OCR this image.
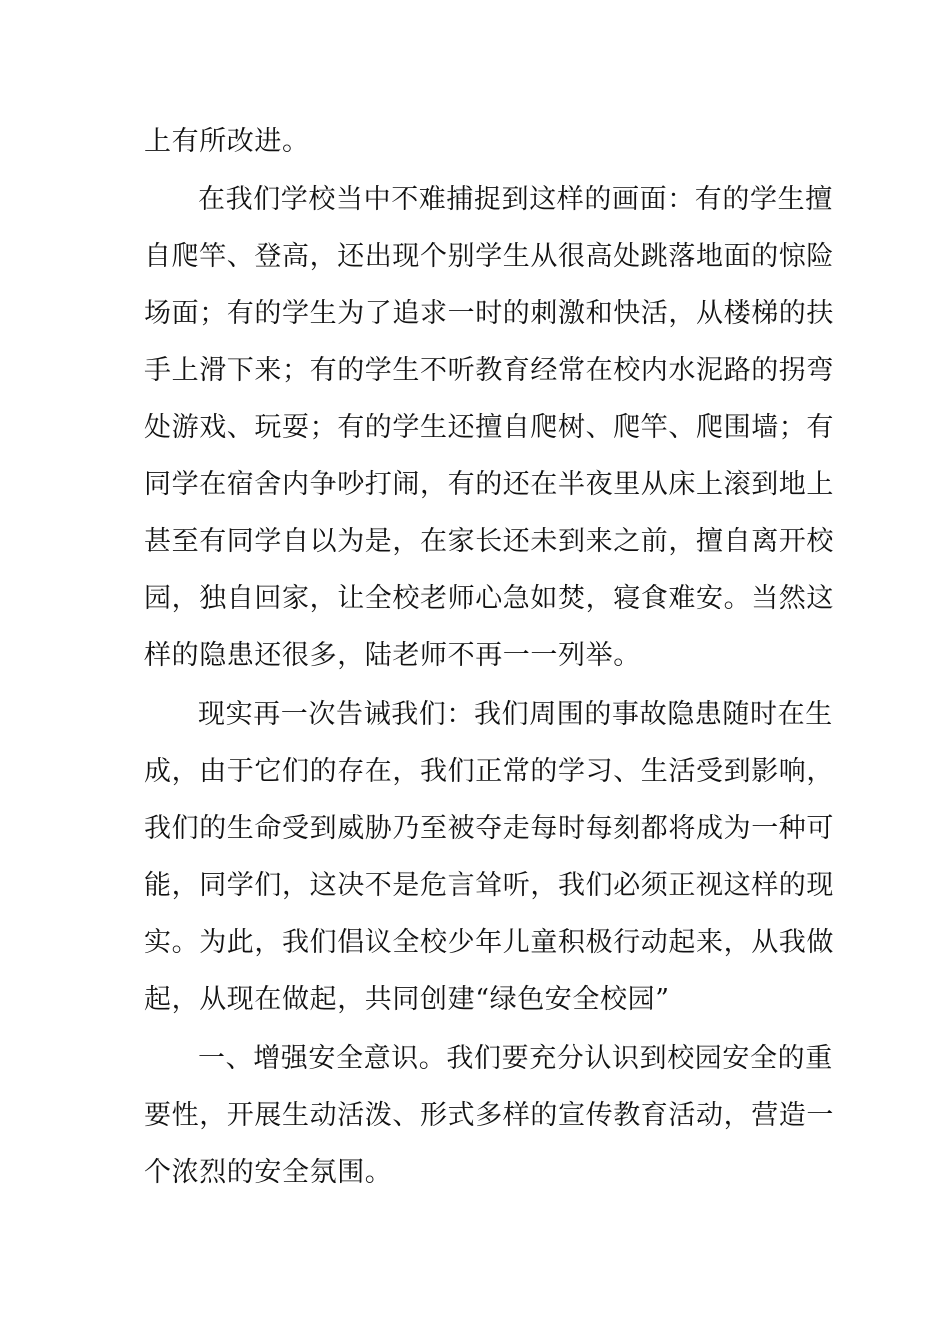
上有所改进。
在我们学校当中不难捕捉到这样的画面：有的学生擅
自爬竿、登高，还出现个别学生从很高处跳落地面的惊险
场面；有的学生为了追求一时的刺激和快活，从楼梯的扶
手上滑下来；有的学生不听教育经常在校内水泥路的拐弯
处游戏、玩耍；有的学生还擅自爬树、爬竿、爬围墙；有
同学在宿舍内争吵打闹，有的还在半夜里从床上滚到地上
甚至有同学自以为是，在家长还未到来之前，擅自离开校
园，独自回家，让全校老师心急如焚，寝食难安。当然这
样的隐患还很多，陆老师不再一一列举。
现实再一次告诫我们：我们周围的事故隐患随时在生
成，由于它们的存在，我们正常的学习、生活受到影响，
我们的生命受到威胁乃至被夺走每时每刻都将成为一种可
能，同学们，这决不是危言耸听，我们必须正视这样的现
实。为此，我们倡议全校少年儿童积极行动起来，从我做
起，从现在做起，共同创建“绿色安全校园”
一、增强安全意识。我们要充分认识到校园安全的重
要性，开展生动活泼、形式多样的宣传教育活动，营造一
个浓烈的安全氛围。
